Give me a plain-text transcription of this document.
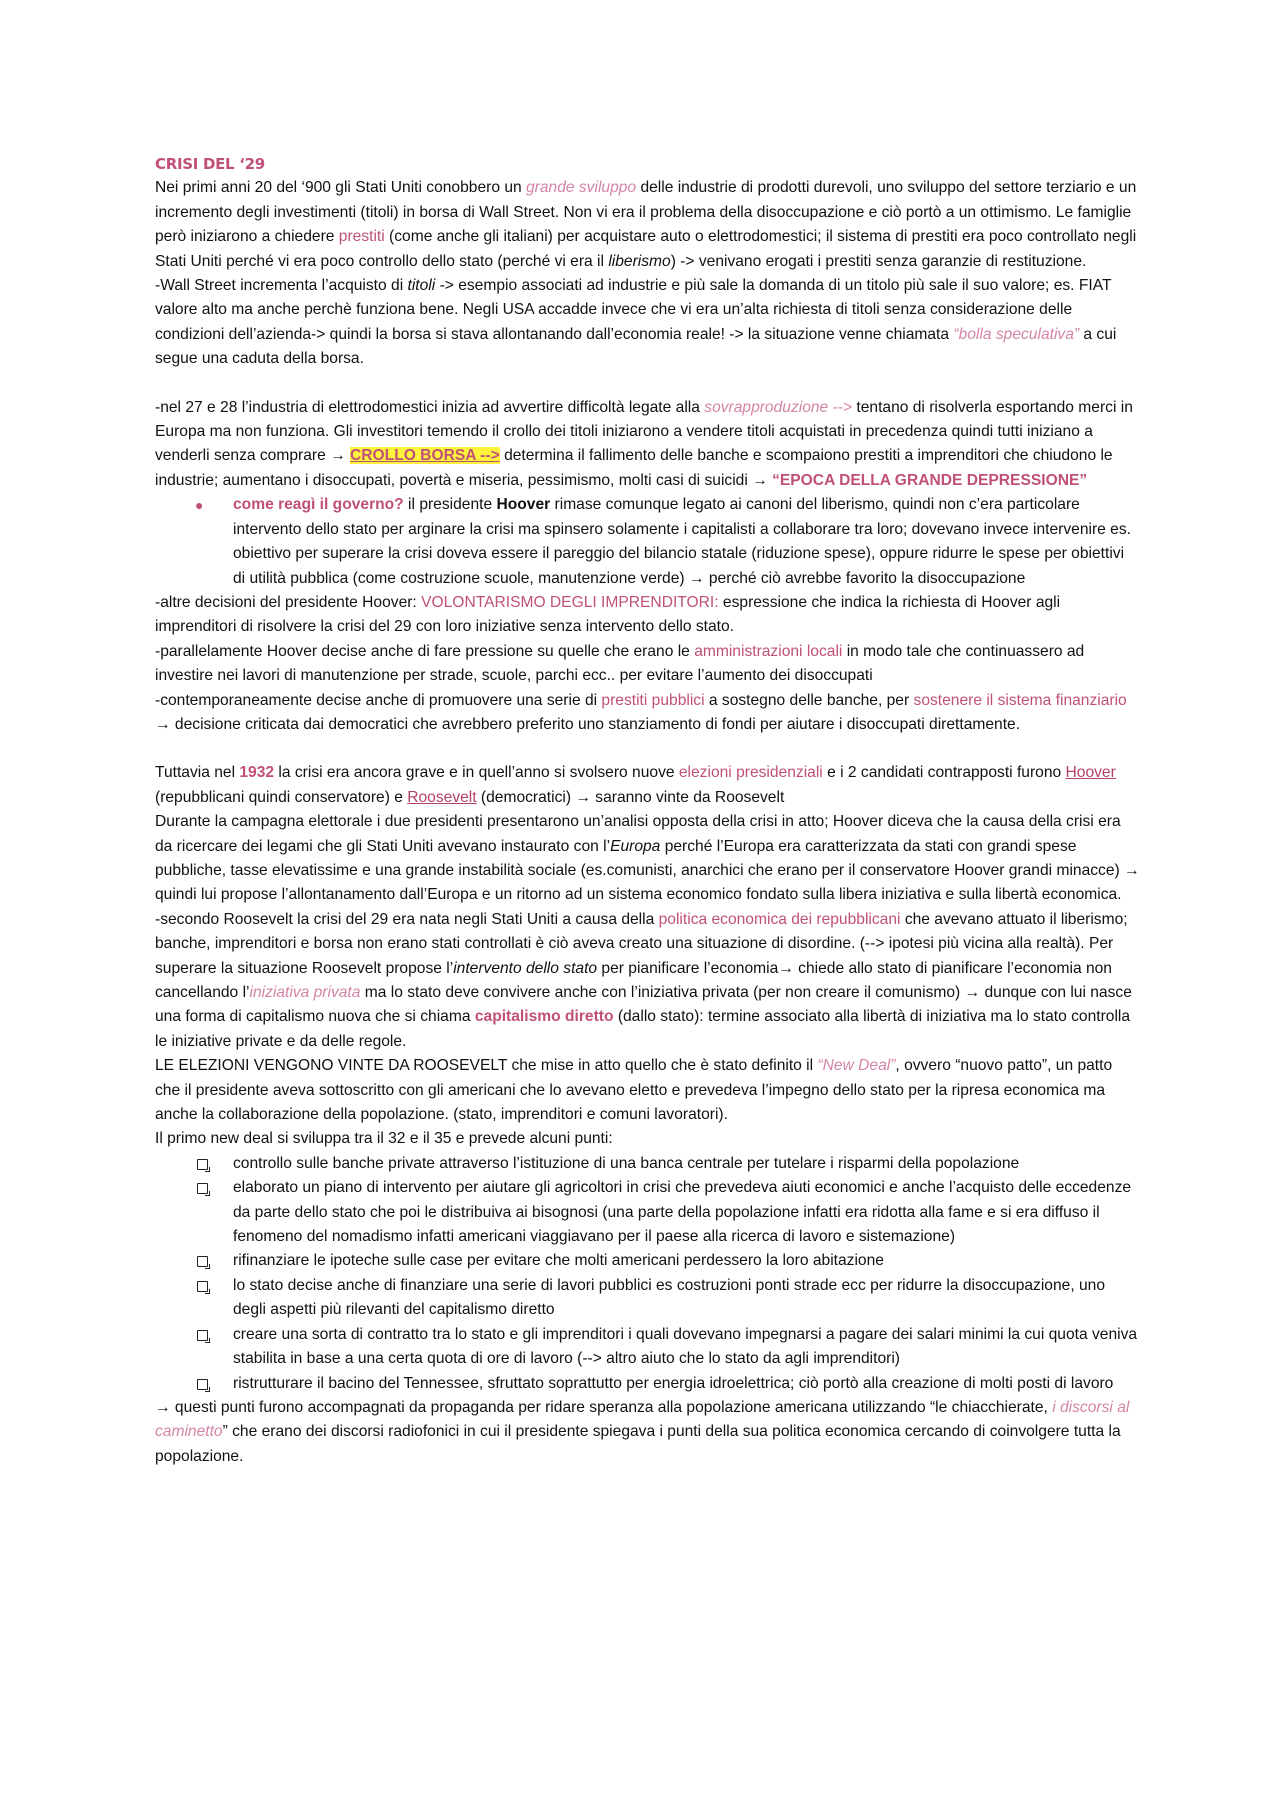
CRISI DEL ‘29

Nei primi anni 20 del ‘900 gli Stati Uniti conobbero un grande sviluppo delle industrie di prodotti durevoli, uno sviluppo del settore terziario e un incremento degli investimenti (titoli) in borsa di Wall Street. Non vi era il problema della disoccupazione e ciò portò a un ottimismo. Le famiglie però iniziarono a chiedere prestiti (come anche gli italiani) per acquistare auto o elettrodomestici; il sistema di prestiti era poco controllato negli Stati Uniti perché vi era poco controllo dello stato (perché vi era il liberismo) -> venivano erogati i prestiti senza garanzie di restituzione.

-Wall Street incrementa l’acquisto di titoli -> esempio associati ad industrie e più sale la domanda di un titolo più sale il suo valore; es. FIAT valore alto ma anche perchè funziona bene. Negli USA accadde invece che vi era un’alta richiesta di titoli senza considerazione delle condizioni dell’azienda-> quindi la borsa si stava allontanando dall’economia reale! -> la situazione venne chiamata “bolla speculativa” a cui segue una caduta della borsa.

-nel 27 e 28 l’industria di elettrodomestici inizia ad avvertire difficoltà legate alla sovrapproduzione --> tentano di risolverla esportando merci in Europa ma non funziona. Gli investitori temendo il crollo dei titoli iniziarono a vendere titoli acquistati in precedenza quindi tutti iniziano a venderli senza comprare → CROLLO BORSA --> determina il fallimento delle banche e scompaiono prestiti a imprenditori che chiudono le industrie; aumentano i disoccupati, povertà e miseria, pessimismo, molti casi di suicidi → “EPOCA DELLA GRANDE DEPRESSIONE”

● come reagì il governo? il presidente Hoover rimase comunque legato ai canoni del liberismo, quindi non c’era particolare intervento dello stato per arginare la crisi ma spinsero solamente i capitalisti a collaborare tra loro; dovevano invece intervenire es. obiettivo per superare la crisi doveva essere il pareggio del bilancio statale (riduzione spese), oppure ridurre le spese per obiettivi di utilità pubblica (come costruzione scuole, manutenzione verde) → perché ciò avrebbe favorito la disoccupazione

-altre decisioni del presidente Hoover: VOLONTARISMO DEGLI IMPRENDITORI: espressione che indica la richiesta di Hoover agli imprenditori di risolvere la crisi del 29 con loro iniziative senza intervento dello stato.

-parallelamente Hoover decise anche di fare pressione su quelle che erano le amministrazioni locali in modo tale che continuassero ad investire nei lavori di manutenzione per strade, scuole, parchi ecc.. per evitare l’aumento dei disoccupati

-contemporaneamente decise anche di promuovere una serie di prestiti pubblici a sostegno delle banche, per sostenere il sistema finanziario → decisione criticata dai democratici che avrebbero preferito uno stanziamento di fondi per aiutare i disoccupati direttamente.

Tuttavia nel 1932 la crisi era ancora grave e in quell’anno si svolsero nuove elezioni presidenziali e i 2 candidati contrapposti furono Hoover (repubblicani quindi conservatore) e Roosevelt (democratici) → saranno vinte da Roosevelt

Durante la campagna elettorale i due presidenti presentarono un’analisi opposta della crisi in atto; Hoover diceva che la causa della crisi era da ricercare dei legami che gli Stati Uniti avevano instaurato con l’Europa perché l’Europa era caratterizzata da stati con grandi spese pubbliche, tasse elevatissime e una grande instabilità sociale (es.comunisti, anarchici che erano per il conservatore Hoover grandi minacce) → quindi lui propose l’allontanamento dall’Europa e un ritorno ad un sistema economico fondato sulla libera iniziativa e sulla libertà economica.

-secondo Roosevelt la crisi del 29 era nata negli Stati Uniti a causa della politica economica dei repubblicani che avevano attuato il liberismo; banche, imprenditori e borsa non erano stati controllati è ciò aveva creato una situazione di disordine. (--> ipotesi più vicina alla realtà). Per superare la situazione Roosevelt propose l’intervento dello stato per pianificare l’economia→ chiede allo stato di pianificare l’economia non cancellando l’iniziativa privata ma lo stato deve convivere anche con l’iniziativa privata (per non creare il comunismo) → dunque con lui nasce una forma di capitalismo nuova che si chiama capitalismo diretto (dallo stato): termine associato alla libertà di iniziativa ma lo stato controlla le iniziative private e da delle regole.

LE ELEZIONI VENGONO VINTE DA ROOSEVELT che mise in atto quello che è stato definito il “New Deal”, ovvero “nuovo patto”, un patto che il presidente aveva sottoscritto con gli americani che lo avevano eletto e prevedeva l’impegno dello stato per la ripresa economica ma anche la collaborazione della popolazione. (stato, imprenditori e comuni lavoratori).

Il primo new deal si sviluppa tra il 32 e il 35 e prevede alcuni punti:

controllo sulle banche private attraverso l’istituzione di una banca centrale per tutelare i risparmi della popolazione
elaborato un piano di intervento per aiutare gli agricoltori in crisi che prevedeva aiuti economici e anche l’acquisto delle eccedenze da parte dello stato che poi le distribuiva ai bisognosi (una parte della popolazione infatti era ridotta alla fame e si era diffuso il fenomeno del nomadismo infatti americani viaggiavano per il paese alla ricerca di lavoro e sistemazione)
rifinanziare le ipoteche sulle case per evitare che molti americani perdessero la loro abitazione
lo stato decise anche di finanziare una serie di lavori pubblici es costruzioni ponti strade ecc per ridurre la disoccupazione, uno degli aspetti più rilevanti del capitalismo diretto
creare una sorta di contratto tra lo stato e gli imprenditori i quali dovevano impegnarsi a pagare dei salari minimi la cui quota veniva stabilita in base a una certa quota di ore di lavoro (--> altro aiuto che lo stato da agli imprenditori)
ristrutturare il bacino del Tennessee, sfruttato soprattutto per energia idroelettrica; ciò portò alla creazione di molti posti di lavoro

→ questi punti furono accompagnati da propaganda per ridare speranza alla popolazione americana utilizzando “le chiacchierate, i discorsi al caminetto” che erano dei discorsi radiofonici in cui il presidente spiegava i punti della sua politica economica cercando di coinvolgere tutta la popolazione.
